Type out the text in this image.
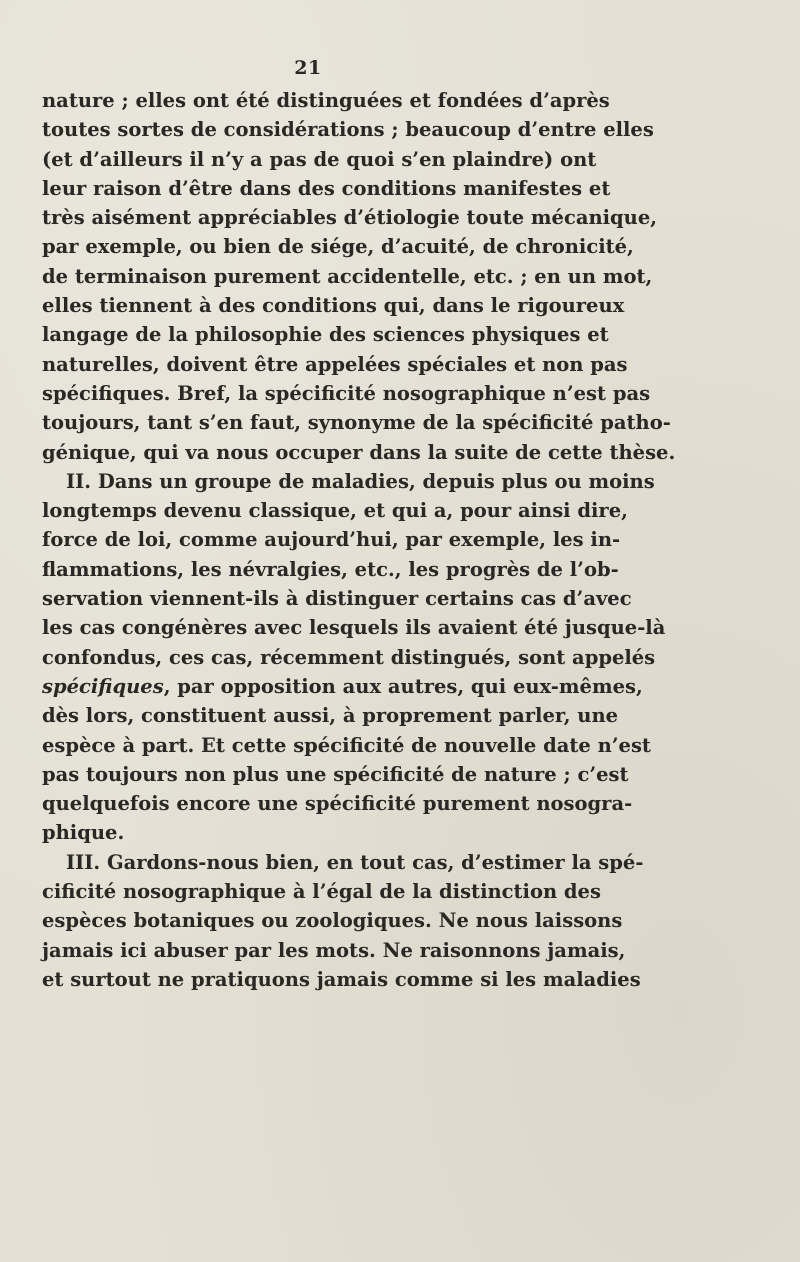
21
nature ; elles ont été distinguées et fondées d’après
toutes sortes de considérations ; beaucoup d’entre elles
(et d’ailleurs il n’y a pas de quoi s’en plaindre) ont
leur raison d’être dans des conditions manifestes et
très aisément appréciables d’étiologie toute mécanique,
par exemple, ou bien de siége, d’acuité, de chronicité,
de terminaison purement accidentelle, etc. ; en un mot,
elles tiennent à des conditions qui, dans le rigoureux
langage de la philosophie des sciences physiques et
naturelles, doivent être appelées spéciales et non pas
spécifiques. Bref, la spécificité nosographique n’est pas
toujours, tant s’en faut, synonyme de la spécificité patho-
génique, qui va nous occuper dans la suite de cette thèse.
II. Dans un groupe de maladies, depuis plus ou moins
longtemps devenu classique, et qui a, pour ainsi dire,
force de loi, comme aujourd’hui, par exemple, les in-
flammations, les névralgies, etc., les progrès de l’ob-
servation viennent-ils à distinguer certains cas d’avec
les cas congénères avec lesquels ils avaient été jusque-là
confondus, ces cas, récemment distingués, sont appelés
spécifiques, par opposition aux autres, qui eux-mêmes,
dès lors, constituent aussi, à proprement parler, une
espèce à part. Et cette spécificité de nouvelle date n’est
pas toujours non plus une spécificité de nature ; c’est
quelquefois encore une spécificité purement nosogra-
phique.
III. Gardons-nous bien, en tout cas, d’estimer la spé-
cificité nosographique à l’égal de la distinction des
espèces botaniques ou zoologiques. Ne nous laissons
jamais ici abuser par les mots. Ne raisonnons jamais,
et surtout ne pratiquons jamais comme si les maladies
